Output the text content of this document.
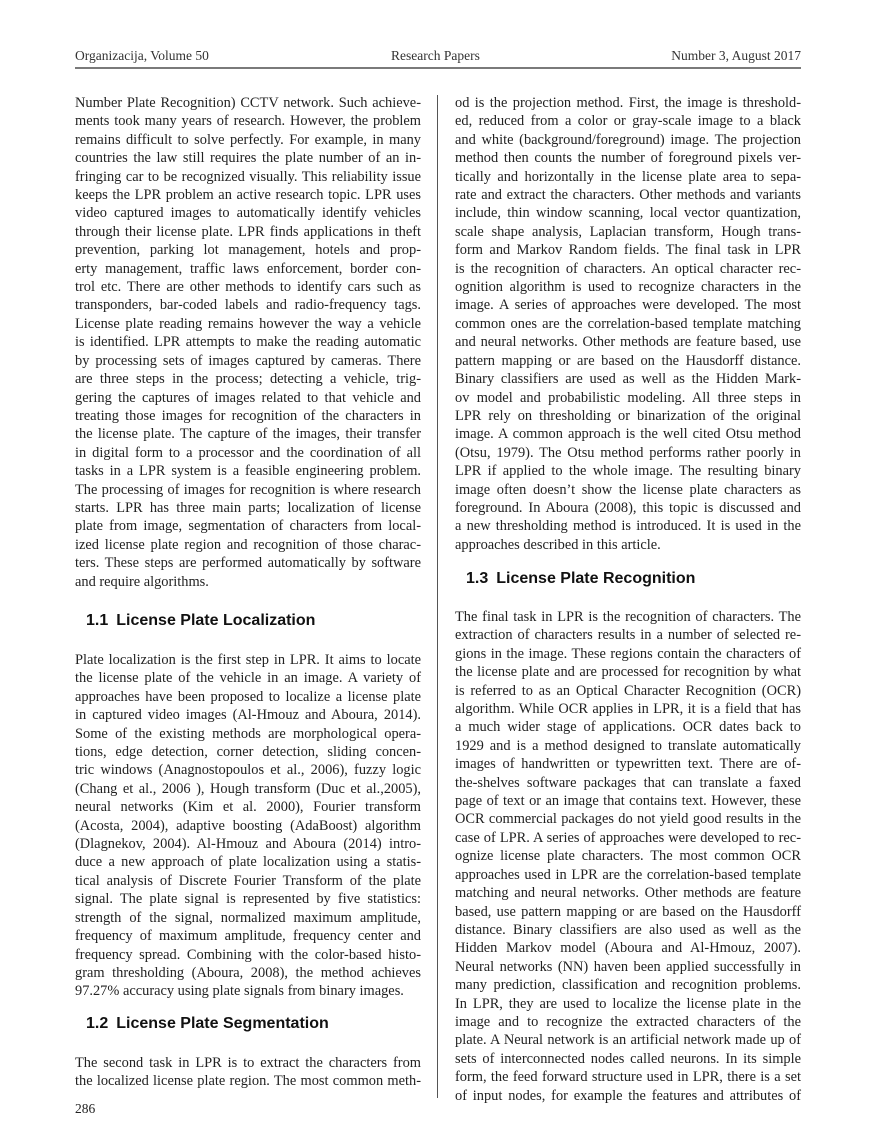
Organizacija, Volume 50	Research Papers	Number 3, August 2017
Number Plate Recognition) CCTV network. Such achieve-
ments took many years of research. However, the problem
remains difficult to solve perfectly. For example, in many
countries the law still requires the plate number of an in-
fringing car to be recognized visually. This reliability issue
keeps the LPR problem an active research topic. LPR uses
video captured images to automatically identify vehicles
through their license plate. LPR finds applications in theft
prevention, parking lot management, hotels and prop-
erty management, traffic laws enforcement, border con-
trol etc. There are other methods to identify cars such as
transponders, bar-coded labels and radio-frequency tags.
License plate reading remains however the way a vehicle
is identified. LPR attempts to make the reading automatic
by processing sets of images captured by cameras. There
are three steps in the process; detecting a vehicle, trig-
gering the captures of images related to that vehicle and
treating those images for recognition of the characters in
the license plate. The capture of the images, their transfer
in digital form to a processor and the coordination of all
tasks in a LPR system is a feasible engineering problem.
The processing of images for recognition is where research
starts. LPR has three main parts; localization of license
plate from image, segmentation of characters from local-
ized license plate region and recognition of those charac-
ters. These steps are performed automatically by software
and require algorithms.
1.1 License Plate Localization
Plate localization is the first step in LPR. It aims to locate
the license plate of the vehicle in an image. A variety of
approaches have been proposed to localize a license plate
in captured video images (Al-Hmouz and Aboura, 2014).
Some of the existing methods are morphological opera-
tions, edge detection, corner detection, sliding concen-
tric windows (Anagnostopoulos et al., 2006), fuzzy logic
(Chang et al., 2006 ), Hough transform (Duc et al.,2005),
neural networks (Kim et al. 2000), Fourier transform
(Acosta, 2004), adaptive boosting (AdaBoost) algorithm
(Dlagnekov, 2004). Al-Hmouz and Aboura (2014) intro-
duce a new approach of plate localization using a statis-
tical analysis of Discrete Fourier Transform of the plate
signal. The plate signal is represented by five statistics:
strength of the signal, normalized maximum amplitude,
frequency of maximum amplitude, frequency center and
frequency spread. Combining with the color-based histo-
gram thresholding (Aboura, 2008), the method achieves
97.27% accuracy using plate signals from binary images.
1.2 License Plate Segmentation
The second task in LPR is to extract the characters from
the localized license plate region. The most common meth-
od is the projection method. First, the image is threshold-
ed, reduced from a color or gray-scale image to a black
and white (background/foreground) image. The projection
method then counts the number of foreground pixels ver-
tically and horizontally in the license plate area to sepa-
rate and extract the characters. Other methods and variants
include, thin window scanning, local vector quantization,
scale shape analysis, Laplacian transform, Hough trans-
form and Markov Random fields. The final task in LPR
is the recognition of characters. An optical character rec-
ognition algorithm is used to recognize characters in the
image. A series of approaches were developed. The most
common ones are the correlation-based template matching
and neural networks. Other methods are feature based, use
pattern mapping or are based on the Hausdorff distance.
Binary classifiers are used as well as the Hidden Mark-
ov model and probabilistic modeling. All three steps in
LPR rely on thresholding or binarization of the original
image. A common approach is the well cited Otsu method
(Otsu, 1979). The Otsu method performs rather poorly in
LPR if applied to the whole image. The resulting binary
image often doesn’t show the license plate characters as
foreground. In Aboura (2008), this topic is discussed and
a new thresholding method is introduced. It is used in the
approaches described in this article.
1.3 License Plate Recognition
The final task in LPR is the recognition of characters. The
extraction of characters results in a number of selected re-
gions in the image. These regions contain the characters of
the license plate and are processed for recognition by what
is referred to as an Optical Character Recognition (OCR)
algorithm. While OCR applies in LPR, it is a field that has
a much wider stage of applications. OCR dates back to
1929 and is a method designed to translate automatically
images of handwritten or typewritten text. There are of-
the-shelves software packages that can translate a faxed
page of text or an image that contains text. However, these
OCR commercial packages do not yield good results in the
case of LPR. A series of approaches were developed to rec-
ognize license plate characters. The most common OCR
approaches used in LPR are the correlation-based template
matching and neural networks. Other methods are feature
based, use pattern mapping or are based on the Hausdorff
distance. Binary classifiers are also used as well as the
Hidden Markov model (Aboura and Al-Hmouz, 2007).
Neural networks (NN) haven been applied successfully in
many prediction, classification and recognition problems.
In LPR, they are used to localize the license plate in the
image and to recognize the extracted characters of the
plate. A Neural network is an artificial network made up of
sets of interconnected nodes called neurons. In its simple
form, the feed forward structure used in LPR, there is a set
of input nodes, for example the features and attributes of
286
